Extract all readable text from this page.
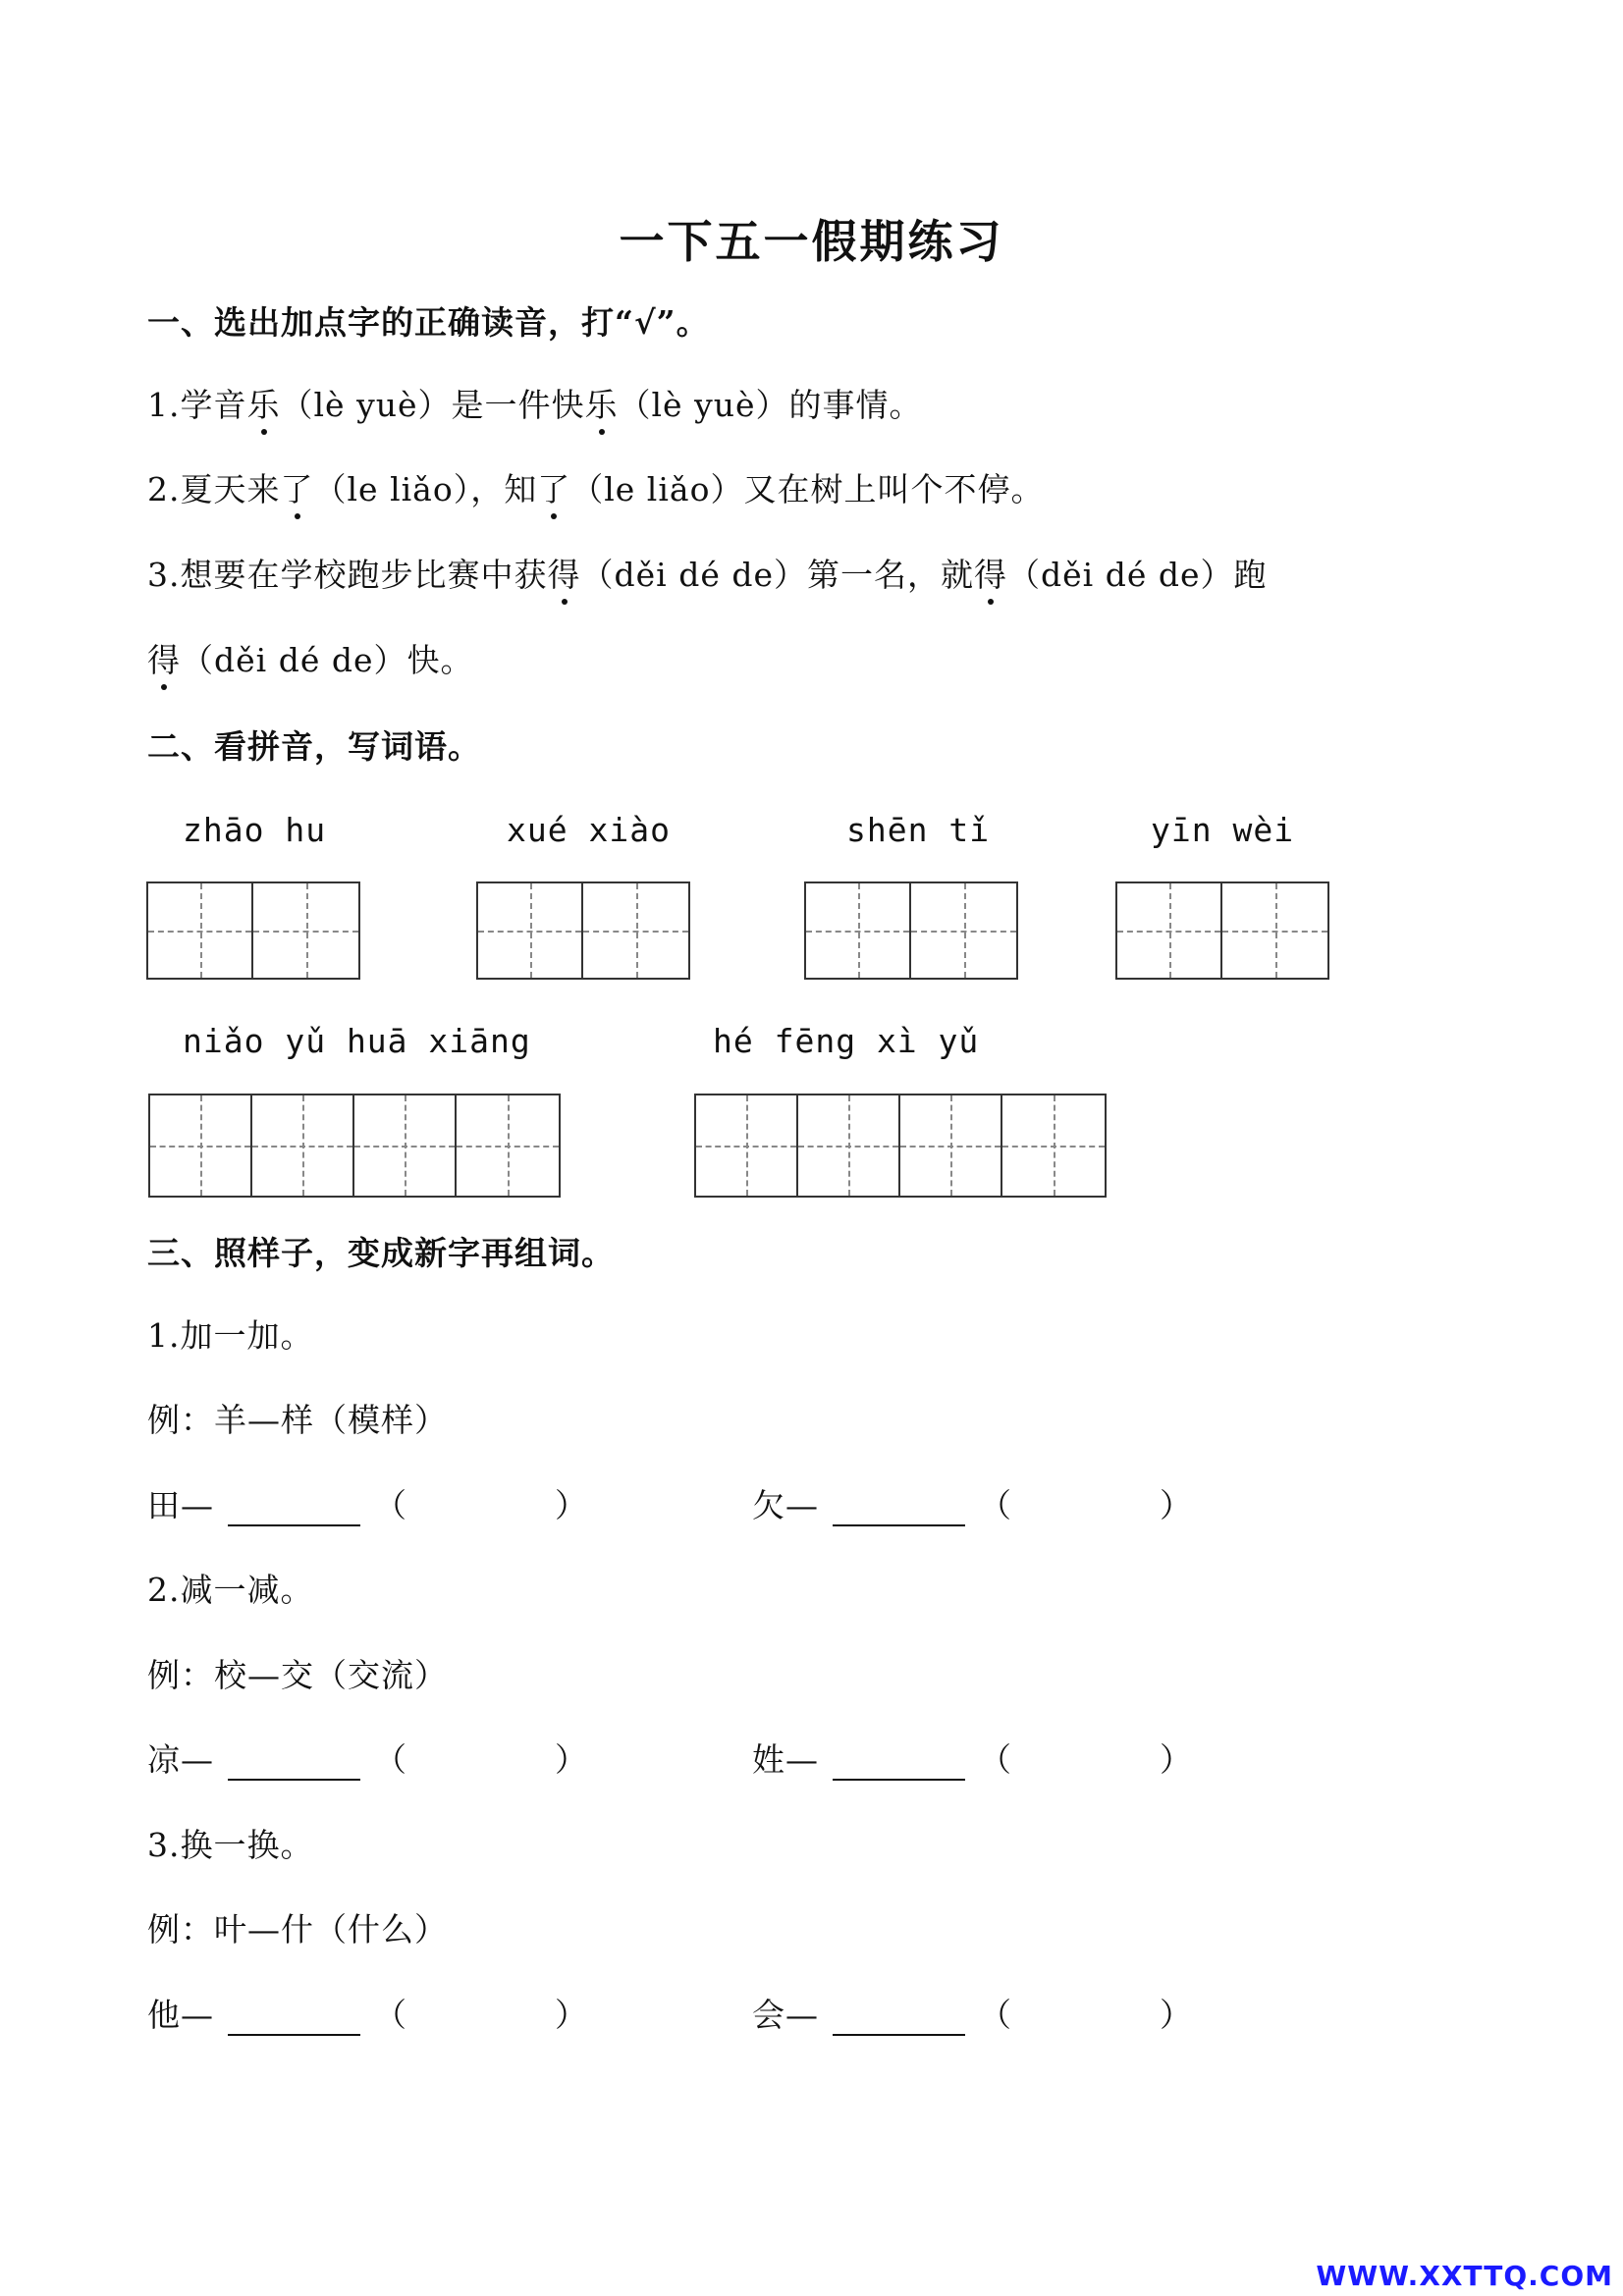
一下五一假期练习
一、选出加点字的正确读音，打“√”。
1.学音乐（lè yuè）是一件快乐（lè yuè）的事情。
2.夏天来了（le liǎo），知了（le liǎo）又在树上叫个不停。
3.想要在学校跑步比赛中获得（děi dé de）第一名，就得（děi dé de）跑
得（děi dé de）快。
二、看拼音，写词语。
zhāo hu	xué xiào	shēn tǐ	yīn wèi
niǎo yǔ huā xiāng	hé fēng xì yǔ
三、照样子，变成新字再组词。
1.加一加。
例：羊—样（模样）
田—	（	）	欠—	（	）
2.减一减。
例：校—交（交流）
凉—	（	）	姓—	（	）
3.换一换。
例：叶—什（什么）
他—	（	）	会—	（	）
WWW.XXTTQ.COM
